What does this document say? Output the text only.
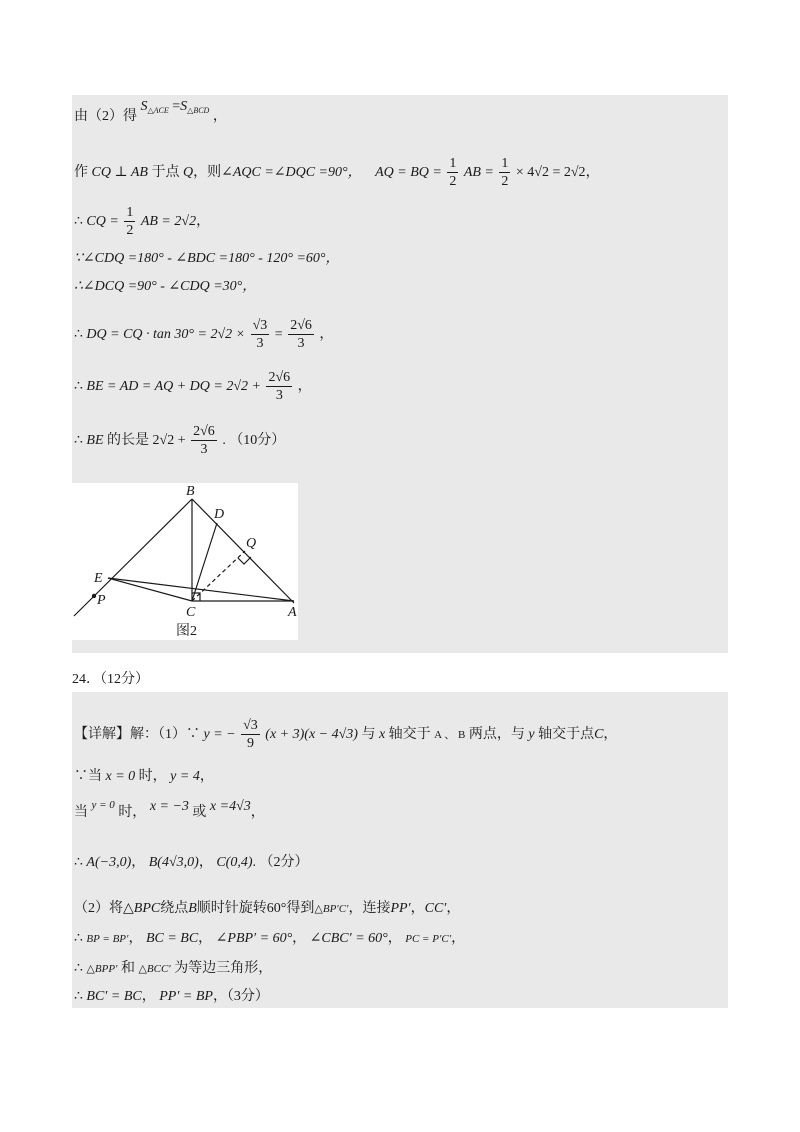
由（2）得 $S_{\triangle ACE} =S_{\triangle BCD}$ ，
作 CQ ⊥ AB 于点 Q，则∠AQC =∠DQC =90°， AQ = BQ = $\frac{1}{2}$ AB = $\frac{1}{2} \times 4√2 = 2√2$，
∴ CQ = $\frac{1}{2}$ AB = 2√2，
∵∠CDQ =180° - ∠BDC =180° - 120° =60°，
∴∠DCQ =90° - ∠CDQ =30°，
∴ DQ = CQ · $\tan 30^\circ = 2√2 \times \frac{√3}{3} = \frac{2√6}{3}$ ，
∴ BE = AD = AQ + DQ = $2√2 + \frac{2√6}{3}$ ，
∴ BE 的长是 $2√2 + \frac{2√6}{3}$ . （10分）
B
D
Q
E
P
C	A
图2
24．（12分）
【详解】解：（1）∵ y = − $\frac{√3}{9} (x + 3)(x - 4√3)$ 与 x 轴交于 A 、 B 两点，与 y 轴交于点C，
∵当 x = 0 时， y = 4，
当 $^{y = 0}$ 时， x = −3 或 x =4√3，
∴ A(−3,0)， B(4√3,0)， C(0,4). （2分）
（2）将△BPC绕点B顺时针旋转60°得到△BP′C′，连接PP′，CC′，
∴ BP = BP′， BC = BC， ∠PBP′ = 60°， ∠CBC′ = 60°， PC = P′C′，
∴ △BPP′ 和 △BCC′ 为等边三角形，
∴ BC′ = BC， PP′ = BP，（3分）
